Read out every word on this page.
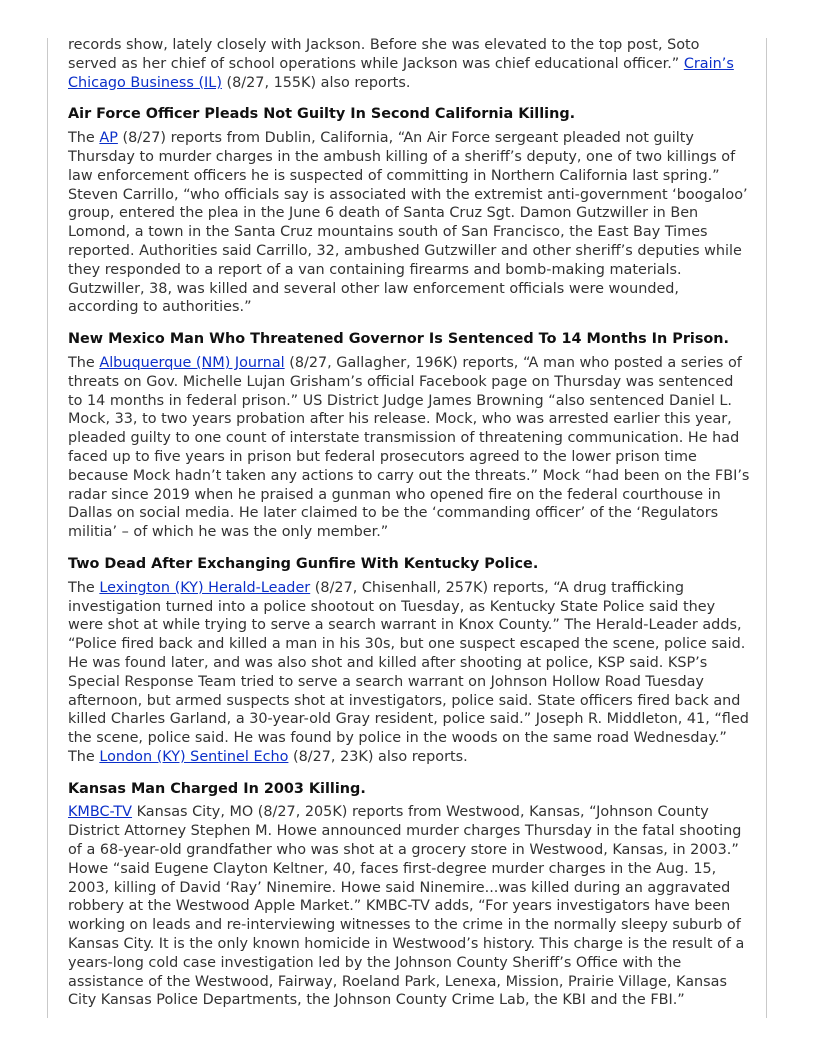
records show, lately closely with Jackson. Before she was elevated to the top post, Soto served as her chief of school operations while Jackson was chief educational officer.” Crain’s Chicago Business (IL) (8/27, 155K) also reports.

Air Force Officer Pleads Not Guilty In Second California Killing.

The AP (8/27) reports from Dublin, California, “An Air Force sergeant pleaded not guilty Thursday to murder charges in the ambush killing of a sheriff’s deputy, one of two killings of law enforcement officers he is suspected of committing in Northern California last spring.” Steven Carrillo, “who officials say is associated with the extremist anti-government ‘boogaloo’ group, entered the plea in the June 6 death of Santa Cruz Sgt. Damon Gutzwiller in Ben Lomond, a town in the Santa Cruz mountains south of San Francisco, the East Bay Times reported. Authorities said Carrillo, 32, ambushed Gutzwiller and other sheriff’s deputies while they responded to a report of a van containing firearms and bomb-making materials. Gutzwiller, 38, was killed and several other law enforcement officials were wounded, according to authorities.”

New Mexico Man Who Threatened Governor Is Sentenced To 14 Months In Prison.

The Albuquerque (NM) Journal (8/27, Gallagher, 196K) reports, “A man who posted a series of threats on Gov. Michelle Lujan Grisham’s official Facebook page on Thursday was sentenced to 14 months in federal prison.” US District Judge James Browning “also sentenced Daniel L. Mock, 33, to two years probation after his release. Mock, who was arrested earlier this year, pleaded guilty to one count of interstate transmission of threatening communication. He had faced up to five years in prison but federal prosecutors agreed to the lower prison time because Mock hadn’t taken any actions to carry out the threats.” Mock “had been on the FBI’s radar since 2019 when he praised a gunman who opened fire on the federal courthouse in Dallas on social media. He later claimed to be the ‘commanding officer’ of the ‘Regulators militia’ – of which he was the only member.”

Two Dead After Exchanging Gunfire With Kentucky Police.

The Lexington (KY) Herald-Leader (8/27, Chisenhall, 257K) reports, “A drug trafficking investigation turned into a police shootout on Tuesday, as Kentucky State Police said they were shot at while trying to serve a search warrant in Knox County.” The Herald-Leader adds, “Police fired back and killed a man in his 30s, but one suspect escaped the scene, police said. He was found later, and was also shot and killed after shooting at police, KSP said. KSP’s Special Response Team tried to serve a search warrant on Johnson Hollow Road Tuesday afternoon, but armed suspects shot at investigators, police said. State officers fired back and killed Charles Garland, a 30-year-old Gray resident, police said.” Joseph R. Middleton, 41, “fled the scene, police said. He was found by police in the woods on the same road Wednesday.” The London (KY) Sentinel Echo (8/27, 23K) also reports.

Kansas Man Charged In 2003 Killing.

KMBC-TV Kansas City, MO (8/27, 205K) reports from Westwood, Kansas, “Johnson County District Attorney Stephen M. Howe announced murder charges Thursday in the fatal shooting of a 68-year-old grandfather who was shot at a grocery store in Westwood, Kansas, in 2003.” Howe “said Eugene Clayton Keltner, 40, faces first-degree murder charges in the Aug. 15, 2003, killing of David ‘Ray’ Ninemire. Howe said Ninemire...was killed during an aggravated robbery at the Westwood Apple Market.” KMBC-TV adds, “For years investigators have been working on leads and re-interviewing witnesses to the crime in the normally sleepy suburb of Kansas City. It is the only known homicide in Westwood’s history. This charge is the result of a years-long cold case investigation led by the Johnson County Sheriff’s Office with the assistance of the Westwood, Fairway, Roeland Park, Lenexa, Mission, Prairie Village, Kansas City Kansas Police Departments, the Johnson County Crime Lab, the KBI and the FBI.”
